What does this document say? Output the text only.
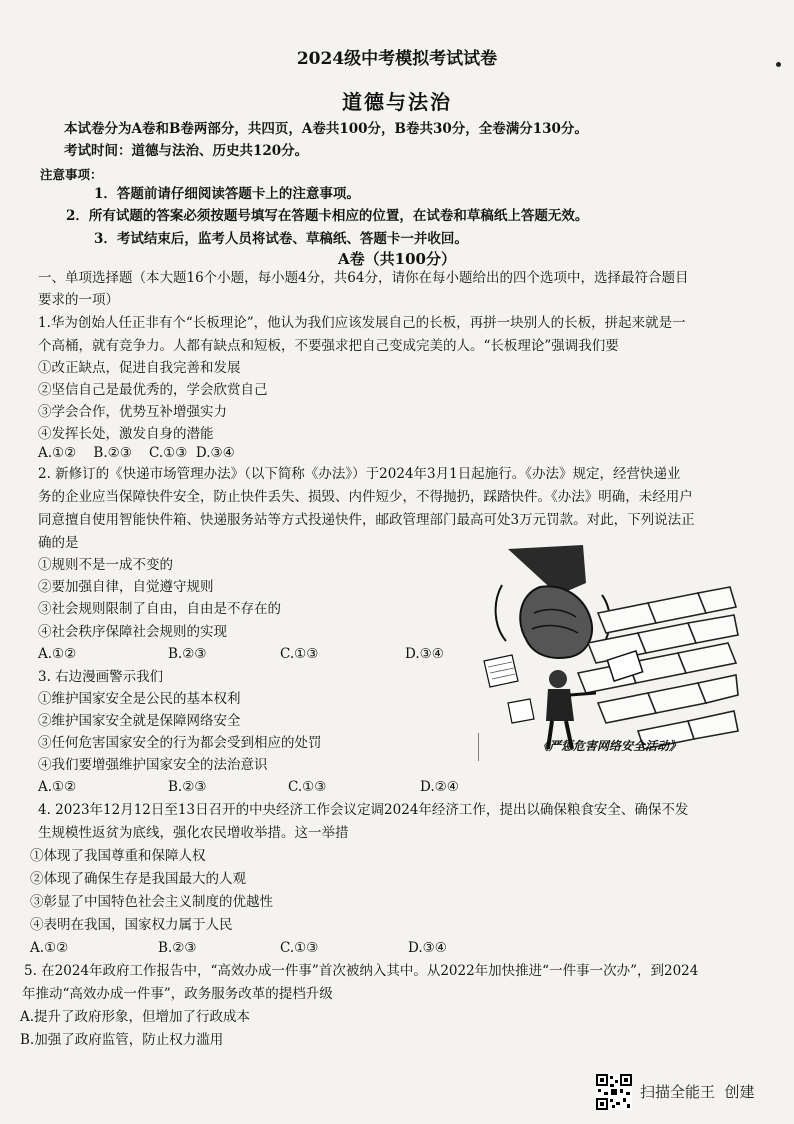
2024级中考模拟考试试卷
道德与法治
本试卷分为A卷和B卷两部分，共四页，A卷共100分，B卷共30分，全卷满分130分。
考试时间：道德与法治、历史共120分。
注意事项：
1．答题前请仔细阅读答题卡上的注意事项。
2．所有试题的答案必须按题号填写在答题卡相应的位置，在试卷和草稿纸上答题无效。
3．考试结束后，监考人员将试卷、草稿纸、答题卡一并收回。
A卷（共100分）
一、单项选择题（本大题16个小题，每小题4分，共64分，请你在每小题给出的四个选项中，选择最符合题目
要求的一项）
1.华为创始人任正非有个“长板理论”，他认为我们应该发展自己的长板，再拼一块别人的长板，拼起来就是一
个高桶，就有竞争力。人都有缺点和短板，不要强求把自己变成完美的人。“长板理论”强调我们要
①改正缺点，促进自我完善和发展
②坚信自己是最优秀的，学会欣赏自己
③学会合作，优势互补增强实力
④发挥长处，激发自身的潜能
A.①②    B.②③    C.①③  D.③④
2. 新修订的《快递市场管理办法》（以下简称《办法》）于2024年3月1日起施行。《办法》规定，经营快递业
务的企业应当保障快件安全，防止快件丢失、损毁、内件短少，不得抛扔，踩踏快件。《办法》明确，未经用户
同意擅自使用智能快件箱、快递服务站等方式投递快件，邮政管理部门最高可处3万元罚款。对此，下列说法正
确的是
①规则不是一成不变的
②要加强自律，自觉遵守规则
③社会规则限制了自由，自由是不存在的
④社会秩序保障社会规则的实现
A.①②	B.②③	C.①③	D.③④
3. 右边漫画警示我们
①维护国家安全是公民的基本权利
②维护国家安全就是保障网络安全
③任何危害国家安全的行为都会受到相应的处罚
④我们要增强维护国家安全的法治意识
A.①②	B.②③	C.①③	D.②④
《严惩危害网络安全活动》
4. 2023年12月12日至13日召开的中央经济工作会议定调2024年经济工作，提出以确保粮食安全、确保不发
生规模性返贫为底线，强化农民增收举措。这一举措
①体现了我国尊重和保障人权
②体现了确保生存是我国最大的人观
③彰显了中国特色社会主义制度的优越性
④表明在我国，国家权力属于人民
A.①②	B.②③	C.①③	D.③④
5. 在2024年政府工作报告中，“高效办成一件事”首次被纳入其中。从2022年加快推进“一件事一次办”，到2024
年推动“高效办成一件事”，政务服务改革的提档升级
A.提升了政府形象，但增加了行政成本
B.加强了政府监管，防止权力滥用
扫描全能王  创建
